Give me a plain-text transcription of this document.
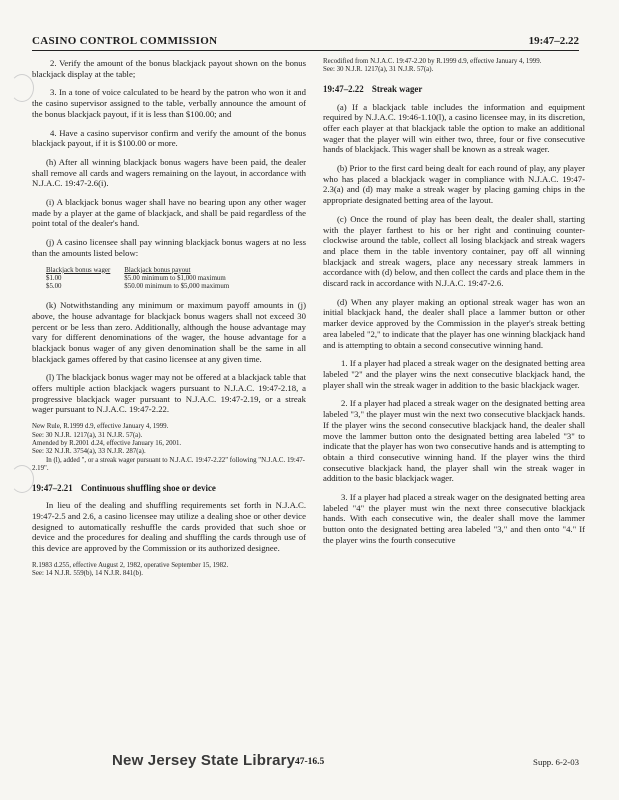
CASINO CONTROL COMMISSION	19:47–2.22

2. Verify the amount of the bonus blackjack payout shown on the bonus blackjack display at the table;

3. In a tone of voice calculated to be heard by the patron who won it and the casino supervisor assigned to the table, verbally announce the amount of the bonus blackjack payout, if it is less than $100.00; and

4. Have a casino supervisor confirm and verify the amount of the bonus blackjack payout, if it is $100.00 or more.

(h) After all winning blackjack bonus wagers have been paid, the dealer shall remove all cards and wagers remaining on the layout, in accordance with N.J.A.C. 19:47-2.6(i).

(i) A blackjack bonus wager shall have no bearing upon any other wager made by a player at the game of blackjack, and shall be paid regardless of the point total of the dealer's hand.

(j) A casino licensee shall pay winning blackjack bonus wagers at no less than the amounts listed below:

Blackjack bonus wager	Blackjack bonus payout
$1.00	$5.00 minimum to $1,000 maximum
$5.00	$50.00 minimum to $5,000 maximum

(k) Notwithstanding any minimum or maximum payoff amounts in (j) above, the house advantage for blackjack bonus wagers shall not exceed 30 percent or be less than zero. Additionally, although the house advantage may vary for different denominations of the wager, the house advantage for a blackjack bonus wager of any given denomination shall be the same in all blackjack games offered by that casino licensee at any given time.

(l) The blackjack bonus wager may not be offered at a blackjack table that offers multiple action blackjack wagers pursuant to N.J.A.C. 19:47-2.18, a progressive blackjack wager pursuant to N.J.A.C. 19:47-2.19, or a streak wager pursuant to N.J.A.C. 19:47-2.22.

New Rule, R.1999 d.9, effective January 4, 1999.

See: 30 N.J.R. 1217(a), 31 N.J.R. 57(a).

Amended by R.2001 d.24, effective January 16, 2001.

See: 32 N.J.R. 3754(a), 33 N.J.R. 287(a).

In (l), added ", or a streak wager pursuant to N.J.A.C. 19:47-2.22" following "N.J.A.C. 19:47-2.19".

19:47–2.21 Continuous shuffling shoe or device

In lieu of the dealing and shuffling requirements set forth in N.J.A.C. 19:47-2.5 and 2.6, a casino licensee may utilize a dealing shoe or other device designed to automatically reshuffle the cards provided that such shoe or device and the procedures for dealing and shuffling the cards through use of this device are approved by the Commission or its authorized designee.

R.1983 d.255, effective August 2, 1982, operative September 15, 1982.

See: 14 N.J.R. 559(b), 14 N.J.R. 841(b).

Recodified from N.J.A.C. 19:47-2.20 by R.1999 d.9, effective January 4, 1999.

See: 30 N.J.R. 1217(a), 31 N.J.R. 57(a).

19:47–2.22 Streak wager

(a) If a blackjack table includes the information and equipment required by N.J.A.C. 19:46-1.10(l), a casino licensee may, in its discretion, offer each player at that blackjack table the option to make an additional wager that the player will win either two, three, four or five consecutive hands of blackjack. This wager shall be known as a streak wager.

(b) Prior to the first card being dealt for each round of play, any player who has placed a blackjack wager in compliance with N.J.A.C. 19:47-2.3(a) and (d) may make a streak wager by placing gaming chips in the appropriate designated betting area of the layout.

(c) Once the round of play has been dealt, the dealer shall, starting with the player farthest to his or her right and continuing counter-clockwise around the table, collect all losing blackjack and streak wagers and place them in the table inventory container, pay off all winning blackjack and streak wagers, place any necessary streak lammers in accordance with (d) below, and then collect the cards and place them in the discard rack in accordance with N.J.A.C. 19:47-2.6.

(d) When any player making an optional streak wager has won an initial blackjack hand, the dealer shall place a lammer button or other marker device approved by the Commission in the player's streak betting area labeled "2," to indicate that the player has one winning blackjack hand and is attempting to obtain a second consecutive winning hand.

1. If a player had placed a streak wager on the designated betting area labeled "2" and the player wins the next consecutive blackjack hand, the player shall win the streak wager in addition to the basic blackjack wager.

2. If a player had placed a streak wager on the designated betting area labeled "3," the player must win the next two consecutive blackjack hands. If the player wins the second consecutive blackjack hand, the dealer shall move the lammer button onto the designated betting area labeled "3" to indicate that the player has won two consecutive hands and is attempting to obtain a third consecutive winning hand. If the player wins the third consecutive blackjack hand, the player shall win the streak wager in addition to the basic blackjack wager.

3. If a player had placed a streak wager on the designated betting area labeled "4" the player must win the next three consecutive blackjack hands. With each consecutive win, the dealer shall move the lammer button onto the designated betting area labeled "3," and then onto "4." If the player wins the fourth consecutive

New Jersey State Library 47-16.5	Supp. 6-2-03
